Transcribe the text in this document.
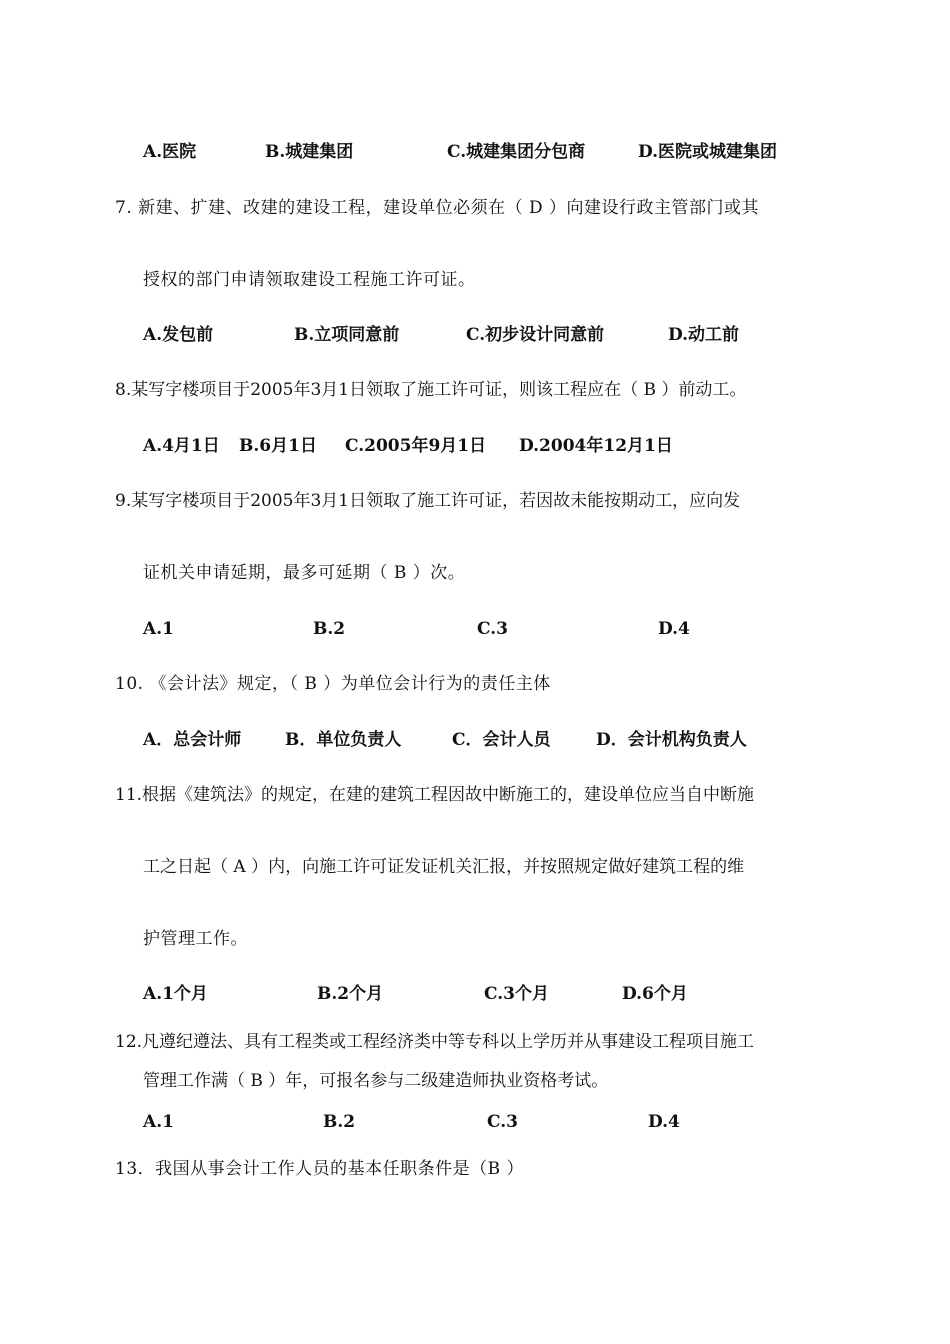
A.医院	B.城建集团	C.城建集团分包商	D.医院或城建集团
7. 新建、扩建、改建的建设工程，建设单位必须在（ D ）向建设行政主管部门或其
授权的部门申请领取建设工程施工许可证。
A.发包前	B.立项同意前	C.初步设计同意前	D.动工前
8.某写字楼项目于2005年3月1日领取了施工许可证，则该工程应在（ B ）前动工。
A.4月1日 B.6月1日 C.2005年9月1日 D.2004年12月1日
9.某写字楼项目于2005年3月1日领取了施工许可证，若因故未能按期动工，应向发
证机关申请延期，最多可延期（ B ）次。
A.1	B.2	C.3	D.4
10. 《会计法》规定，（ B ）为单位会计行为的责任主体
A．总会计师	B．单位负责人	C．会计人员	D．会计机构负责人
11.根据《建筑法》的规定，在建的建筑工程因故中断施工的，建设单位应当自中断施
工之日起（ A ）内，向施工许可证发证机关汇报，并按照规定做好建筑工程的维
护管理工作。
A.1个月	B.2个月	C.3个月	D.6个月
12.凡遵纪遵法、具有工程类或工程经济类中等专科以上学历并从事建设工程项目施工
管理工作满（ B ）年，可报名参与二级建造师执业资格考试。
A.1	B.2	C.3	D.4
13．我国从事会计工作人员的基本任职条件是（B ）
